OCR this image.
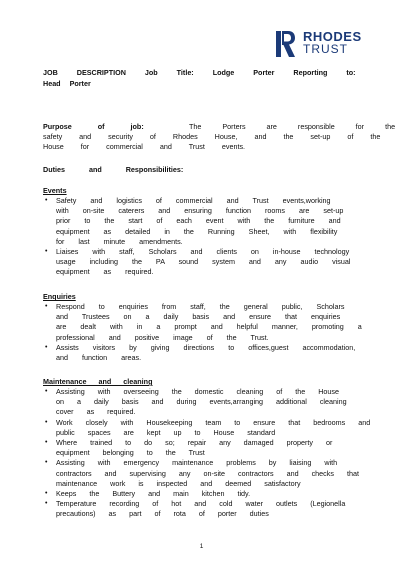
RHODES
TRUST
JOB DESCRIPTION Job Title: Lodge Porter Reporting to:
Head Porter
Purpose of job:	The Porters are responsible for the
safety and security of Rhodes House, and the set-up of the
House for commercial and Trust events.
Duties and Responsibilities:
Events
• Safety and logistics of commercial and Trust events,working
with on-site caterers and ensuring function rooms are set-up
prior to the start of each event with the furniture and
equipment as detailed in the Running Sheet, with flexibility
for last minute amendments.
• Liaises with staff, Scholars and clients on in-house technology
usage including the PA sound system and any audio visual
equipment as required.
Enquiries
• Respond to enquiries from staff, the general public, Scholars
and Trustees on a daily basis and ensure that enquiries
are dealt with in a prompt and helpful manner, promoting a
professional and positive image of the Trust.
• Assists visitors by giving directions to offices,guest accommodation,
and function areas.
Maintenance and cleaning
• Assisting with overseeing the domestic cleaning of the House
on a daily basis and during events,arranging additional cleaning
cover as required.
• Work closely with Housekeeping team to ensure that bedrooms and
public spaces are kept up to House standard
• Where trained to do so; repair any damaged property or
equipment belonging to the Trust
• Assisting with emergency maintenance problems by liaising with
contractors and supervising any on-site contractors and checks that
maintenance work is inspected and deemed satisfactory
• Keeps the Buttery and main kitchen tidy.
• Temperature recording of hot and cold water outlets (Legionella
precautions) as part of rota of porter duties
1
